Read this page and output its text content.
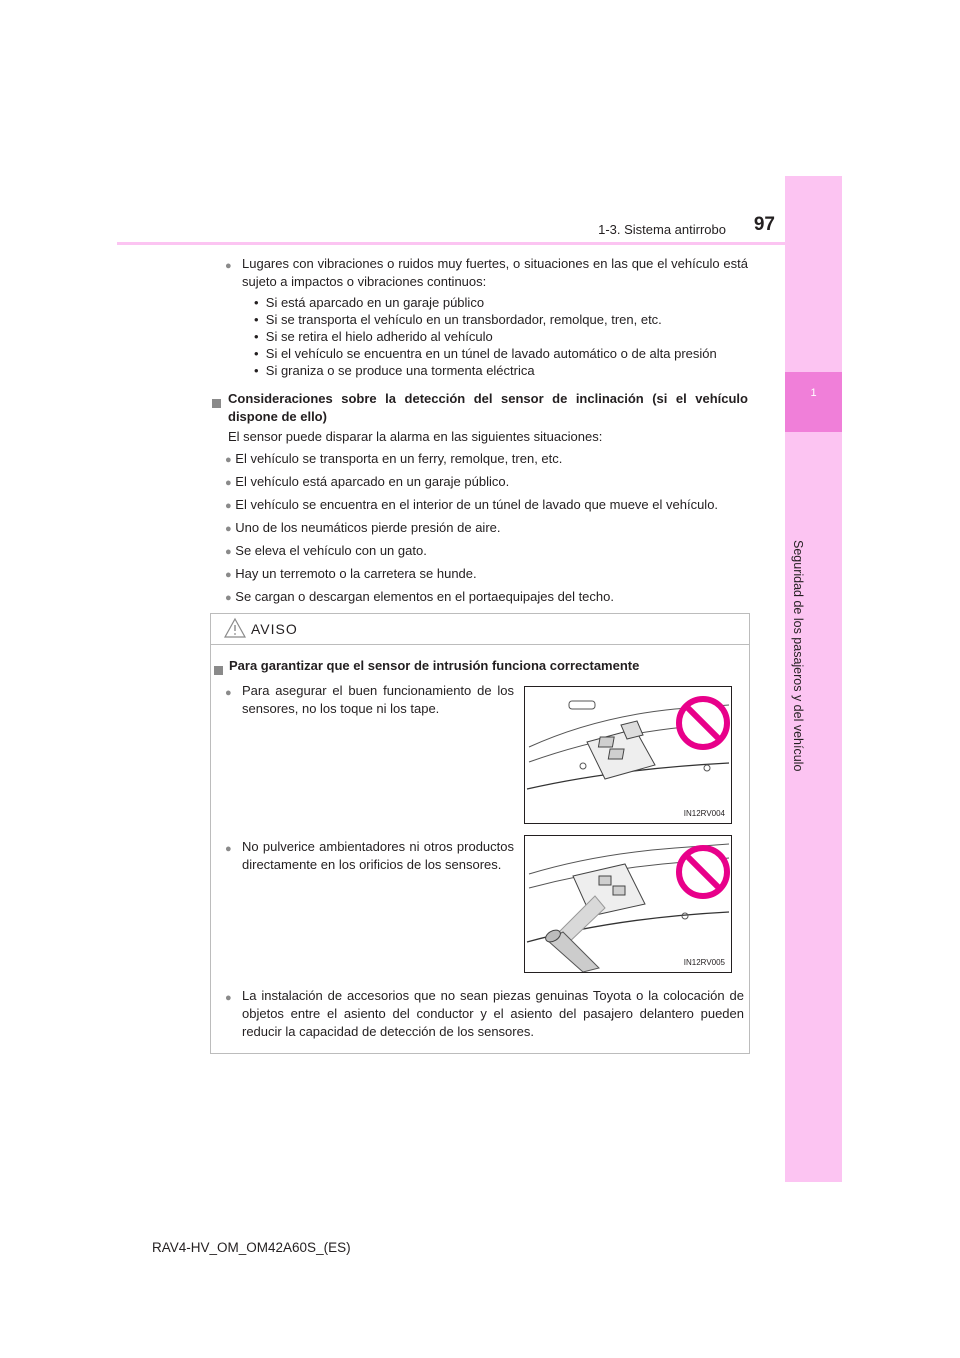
1
Seguridad de los pasajeros y del vehículo
1-3. Sistema antirrobo	97
● Lugares con vibraciones o ruidos muy fuertes, o situaciones en las que el vehículo está sujeto a impactos o vibraciones continuos:
•  Si está aparcado en un garaje público
•  Si se transporta el vehículo en un transbordador, remolque, tren, etc.
•  Si se retira el hielo adherido al vehículo
•  Si el vehículo se encuentra en un túnel de lavado automático o de alta presión
•  Si graniza o se produce una tormenta eléctrica
Consideraciones sobre la detección del sensor de inclinación (si el vehículo dispone de ello)
El sensor puede disparar la alarma en las siguientes situaciones:
● El vehículo se transporta en un ferry, remolque, tren, etc.
● El vehículo está aparcado en un garaje público.
● El vehículo se encuentra en el interior de un túnel de lavado que mueve el vehículo.
● Uno de los neumáticos pierde presión de aire.
● Se eleva el vehículo con un gato.
● Hay un terremoto o la carretera se hunde.
● Se cargan o descargan elementos en el portaequipajes del techo.
AVISO
Para garantizar que el sensor de intrusión funciona correctamente
● Para asegurar el buen funcionamiento de los sensores, no los toque ni los tape.
IN12RV004
● No pulverice ambientadores ni otros productos directamente en los orificios de los sensores.
IN12RV005
● La instalación de accesorios que no sean piezas genuinas Toyota o la colocación de objetos entre el asiento del conductor y el asiento del pasajero delantero pueden reducir la capacidad de detección de los sensores.
RAV4-HV_OM_OM42A60S_(ES)
